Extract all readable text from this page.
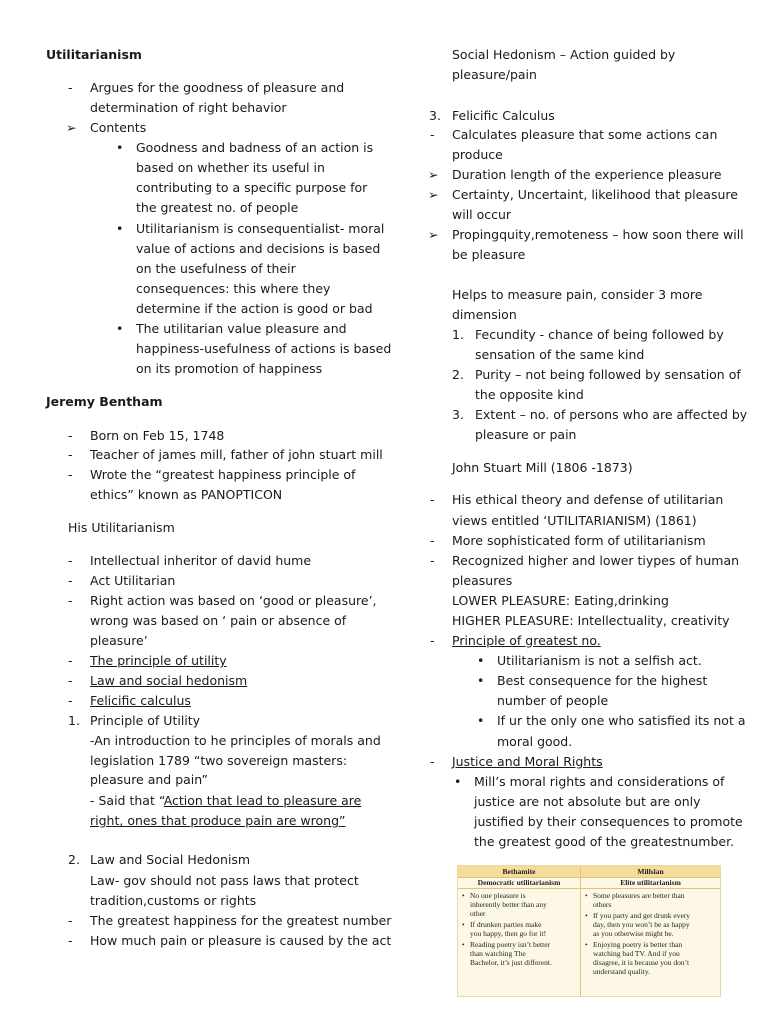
Utilitarianism
- Argues for the goodness of pleasure and
determination of right behavior
➢ Contents
• Goodness and badness of an action is
based on whether its useful in
contributing to a specific purpose for
the greatest no. of people
• Utilitarianism is consequentialist- moral
value of actions and decisions is based
on the usefulness of their
consequences: this where they
determine if the action is good or bad
• The utilitarian value pleasure and
happiness-usefulness of actions is based
on its promotion of happiness
Jeremy Bentham
- Born on Feb 15, 1748
- Teacher of james mill, father of john stuart mill
- Wrote the “greatest happiness principle of
ethics” known as PANOPTICON
His Utilitarianism
- Intellectual inheritor of david hume
- Act Utilitarian
- Right action was based on ‘good or pleasure’,
wrong was based on ‘ pain or absence of
pleasure’
- The principle of utility
- Law and social hedonism
- Felicific calculus
1. Principle of Utility
-An introduction to he principles of morals and
legislation 1789 “two sovereign masters:
pleasure and pain”
- Said that “Action that lead to pleasure are
right, ones that produce pain are wrong”
2. Law and Social Hedonism
Law- gov should not pass laws that protect
tradition,customs or rights
- The greatest happiness for the greatest number
- How much pain or pleasure is caused by the act
Social Hedonism – Action guided by
pleasure/pain
3. Felicific Calculus
- Calculates pleasure that some actions can
produce
➢ Duration length of the experience pleasure
➢ Certainty, Uncertaint, likelihood that pleasure
will occur
➢ Propingquity,remoteness – how soon there will
be pleasure
Helps to measure pain, consider 3 more
dimension
1. Fecundity - chance of being followed by
sensation of the same kind
2. Purity – not being followed by sensation of
the opposite kind
3. Extent – no. of persons who are affected by
pleasure or pain
John Stuart Mill (1806 -1873)
- His ethical theory and defense of utilitarian
views entitled ‘UTILITARIANISM) (1861)
- More sophisticated form of utilitarianism
- Recognized higher and lower tiypes of human
pleasures
LOWER PLEASURE: Eating,drinking
HIGHER PLEASURE: Intellectuality, creativity
- Principle of greatest no.
• Utilitarianism is not a selfish act.
• Best consequence for the highest
number of people
• If ur the only one who satisfied its not a
moral good.
- Justice and Moral Rights
• Mill’s moral rights and considerations of
justice are not absolute but are only
justified by their consequences to promote
the greatest good of the greatestnumber.
Bethamite	Millsian
Democratic utilitarianism	Elite utilitarianism
• No one pleasure is
inherently better than any
other
• If drunken parties make
you happy, then go for it!
• Reading poetry isn’t better
than watching The
Bachelor, it’s just different.
• Some pleasures are better than
others
• If you party and get drunk every
day, then you won’t be as happy
as you otherwise might be.
• Enjoying poetry is better than
watching bad TV. And if you
disagree, it is because you don’t
understand quality.
